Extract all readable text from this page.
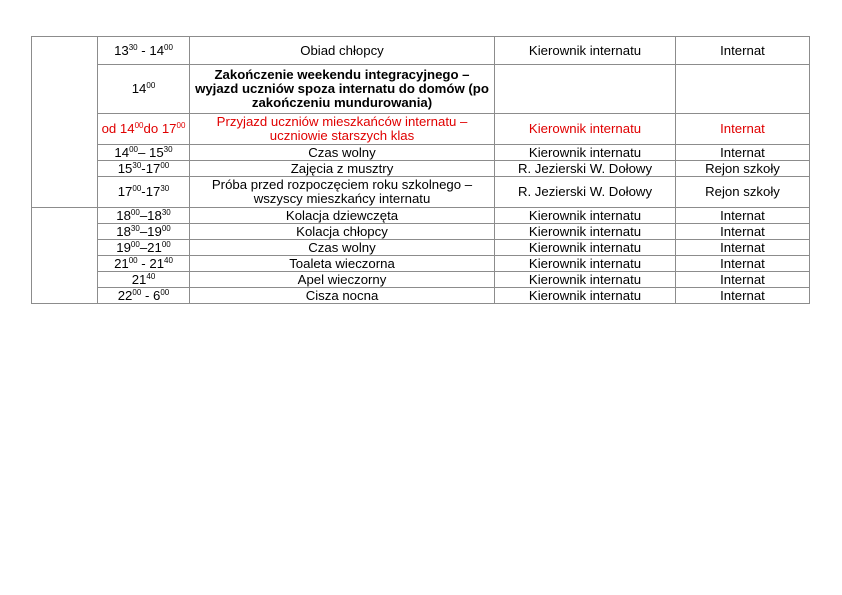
	$13^{30} - 14^{00}$	Obiad chłopcy	Kierownik internatu	Internat
	$14^{00}$	Zakończenie weekendu integracyjnego – wyjazd uczniów spoza internatu do domów (po zakończeniu mundurowania)		
	od $14^{00}do$ $17^{00}$	Przyjazd uczniów mieszkańców internatu – uczniowie starszych klas	Kierownik internatu	Internat
	$14^{00}-$ $15^{30}$	Czas wolny	Kierownik internatu	Internat
	$15^{30}-17^{00}$	Zajęcia z musztry	R. Jezierski W. Dołowy	Rejon szkoły
	$17^{00}-17^{30}$	Próba przed rozpoczęciem roku szkolnego – wszyscy mieszkańcy internatu	R. Jezierski W. Dołowy	Rejon szkoły
	$18^{00}-18^{30}$	Kolacja dziewczęta	Kierownik internatu	Internat
	$18^{30}-19^{00}$	Kolacja chłopcy	Kierownik internatu	Internat
	$19^{00}-21^{00}$	Czas wolny	Kierownik internatu	Internat
	$21^{00} - 21^{40}$	Toaleta wieczorna	Kierownik internatu	Internat
	$21^{40}$	Apel wieczorny	Kierownik internatu	Internat
	$22^{00} - 6^{00}$	Cisza nocna	Kierownik internatu	Internat
